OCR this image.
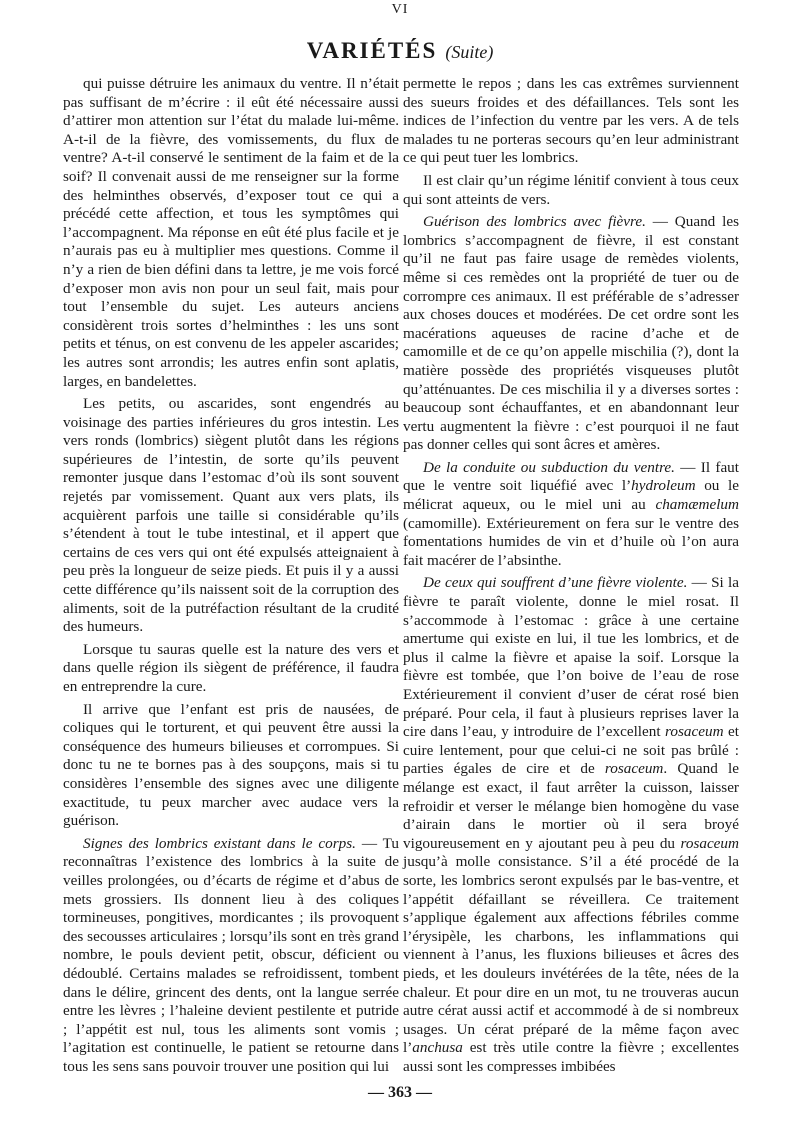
VI
VARIÉTÉS (Suite)

qui puisse détruire les animaux du ventre. Il n’était pas suffisant de m’écrire : il eût été nécessaire aussi d’attirer mon attention sur l’état du malade lui-même. A-t-il de la fièvre, des vomissements, du flux de ventre? A-t-il conservé le sentiment de la faim et de la soif? Il convenait aussi de me renseigner sur la forme des helminthes observés, d’exposer tout ce qui a précédé cette affection, et tous les symptômes qui l’accompagnent. Ma réponse en eût été plus facile et je n’aurais pas eu à multiplier mes questions. Comme il n’y a rien de bien défini dans ta lettre, je me vois forcé d’exposer mon avis non pour un seul fait, mais pour tout l’ensemble du sujet. Les auteurs anciens considèrent trois sortes d’helminthes : les uns sont petits et ténus, on est convenu de les appeler ascarides; les autres sont arrondis; les autres enfin sont aplatis, larges, en bandelettes.

Les petits, ou ascarides, sont engendrés au voisinage des parties inférieures du gros intestin. Les vers ronds (lombrics) siègent plutôt dans les régions supérieures de l’intestin, de sorte qu’ils peuvent remonter jusque dans l’estomac d’où ils sont souvent rejetés par vomissement. Quant aux vers plats, ils acquièrent parfois une taille si considérable qu’ils s’étendent à tout le tube intestinal, et il appert que certains de ces vers qui ont été expulsés atteignaient à peu près la longueur de seize pieds. Et puis il y a aussi cette différence qu’ils naissent soit de la corruption des aliments, soit de la putréfaction résultant de la crudité des humeurs.

Lorsque tu sauras quelle est la nature des vers et dans quelle région ils siègent de préférence, il faudra en entreprendre la cure.

Il arrive que l’enfant est pris de nausées, de coliques qui le torturent, et qui peuvent être aussi la conséquence des humeurs bilieuses et corrompues. Si donc tu ne te bornes pas à des soupçons, mais si tu considères l’ensemble des signes avec une diligente exactitude, tu peux marcher avec audace vers la guérison.

Signes des lombrics existant dans le corps. — Tu reconnaîtras l’existence des lombrics à la suite de veilles prolongées, ou d’écarts de régime et d’abus de mets grossiers. Ils donnent lieu à des coliques tormineuses, pongitives, mordicantes ; ils provoquent des secousses articulaires ; lorsqu’ils sont en très grand nombre, le pouls devient petit, obscur, déficient ou dédoublé. Certains malades se refroidissent, tombent dans le délire, grincent des dents, ont la langue serrée entre les lèvres ; l’haleine devient pestilente et putride ; l’appétit est nul, tous les aliments sont vomis ; l’agitation est continuelle, le patient se retourne dans tous les sens sans pouvoir trouver une position qui lui

permette le repos ; dans les cas extrêmes surviennent des sueurs froides et des défaillances. Tels sont les indices de l’infection du ventre par les vers. A de tels malades tu ne porteras secours qu’en leur administrant ce qui peut tuer les lombrics.

Il est clair qu’un régime lénitif convient à tous ceux qui sont atteints de vers.

Guérison des lombrics avec fièvre. — Quand les lombrics s’accompagnent de fièvre, il est constant qu’il ne faut pas faire usage de remèdes violents, même si ces remèdes ont la propriété de tuer ou de corrompre ces animaux. Il est préférable de s’adresser aux choses douces et modérées. De cet ordre sont les macérations aqueuses de racine d’ache et de camomille et de ce qu’on appelle mischilia (?), dont la matière possède des propriétés visqueuses plutôt qu’atténuantes. De ces mischilia il y a diverses sortes : beaucoup sont échauffantes, et en abandonnant leur vertu augmentent la fièvre : c’est pourquoi il ne faut pas donner celles qui sont âcres et amères.

De la conduite ou subduction du ventre. — Il faut que le ventre soit liquéfié avec l’hydroleum ou le mélicrat aqueux, ou le miel uni au chamæmelum (camomille). Extérieurement on fera sur le ventre des fomentations humides de vin et d’huile où l’on aura fait macérer de l’absinthe.

De ceux qui souffrent d’une fièvre violente. — Si la fièvre te paraît violente, donne le miel rosat. Il s’accommode à l’estomac : grâce à une certaine amertume qui existe en lui, il tue les lombrics, et de plus il calme la fièvre et apaise la soif. Lorsque la fièvre est tombée, que l’on boive de l’eau de rose Extérieurement il convient d’user de cérat rosé bien préparé. Pour cela, il faut à plusieurs reprises laver la cire dans l’eau, y introduire de l’excellent rosaceum et cuire lentement, pour que celui-ci ne soit pas brûlé : parties égales de cire et de rosaceum. Quand le mélange est exact, il faut arrêter la cuisson, laisser refroidir et verser le mélange bien homogène du vase d’airain dans le mortier où il sera broyé vigoureusement en y ajoutant peu à peu du rosaceum jusqu’à molle consistance. S’il a été procédé de la sorte, les lombrics seront expulsés par le bas-ventre, et l’appétit défaillant se réveillera. Ce traitement s’applique également aux affections fébriles comme l’érysipèle, les charbons, les inflammations qui viennent à l’anus, les fluxions bilieuses et âcres des pieds, et les douleurs invétérées de la tête, nées de la chaleur. Et pour dire en un mot, tu ne trouveras aucun autre cérat aussi actif et accommodé à de si nombreux usages. Un cérat préparé de la même façon avec l’anchusa est très utile contre la fièvre ; excellentes aussi sont les compresses imbibées

— 363 —
